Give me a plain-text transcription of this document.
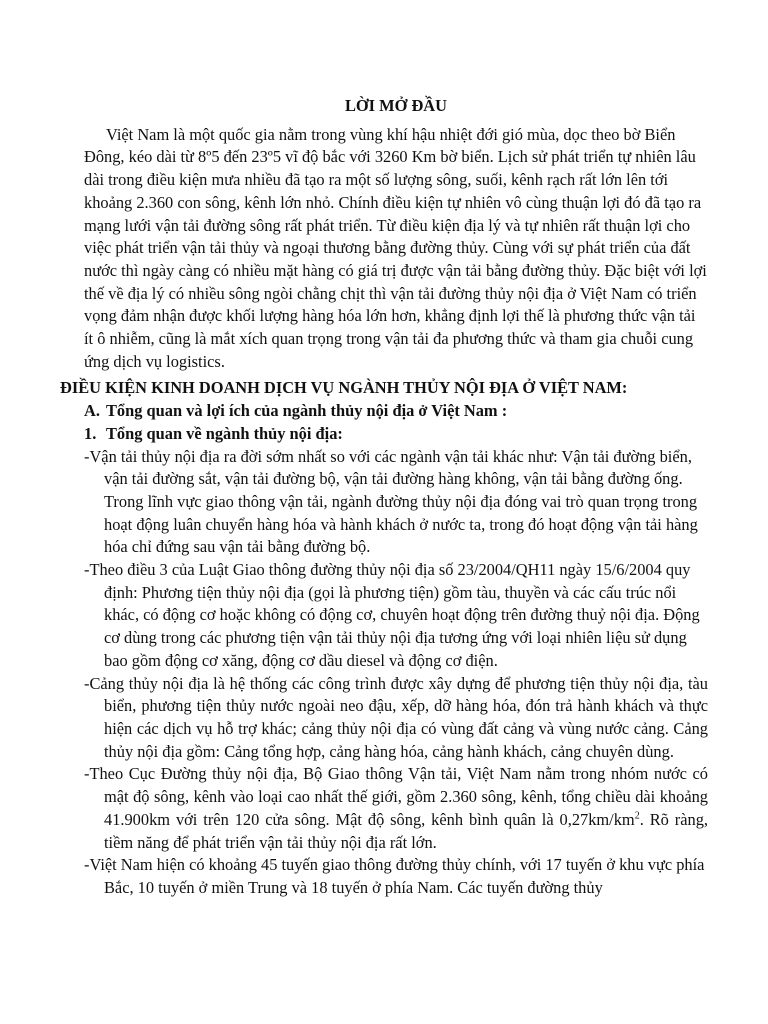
LỜI MỞ ĐẦU

Việt Nam là một quốc gia nằm trong vùng khí hậu nhiệt đới gió mùa, dọc theo bờ Biển Đông, kéo dài từ 8º5 đến 23º5 vĩ độ bắc với 3260 Km bờ biển. Lịch sử phát triển tự nhiên lâu dài trong điều kiện mưa nhiều đã tạo ra một số lượng sông, suối, kênh rạch rất lớn lên tới khoảng 2.360 con sông, kênh lớn nhỏ. Chính điều kiện tự nhiên vô cùng thuận lợi đó đã tạo ra mạng lưới vận tải đường sông rất phát triển. Từ điều kiện địa lý và tự nhiên rất thuận lợi cho việc phát triển vận tải thủy và ngoại thương bằng đường thủy. Cùng với sự phát triển của đất nước thì ngày càng có nhiều mặt hàng có giá trị được vận tải bằng đường thủy. Đặc biệt với lợi thế về địa lý có nhiều sông ngòi chằng chịt thì vận tải đường thủy nội địa ở Việt Nam có triển vọng đảm nhận được khối lượng hàng hóa lớn hơn, khẳng định lợi thế là phương thức vận tải ít ô nhiễm, cũng là mắt xích quan trọng trong vận tải đa phương thức và tham gia chuỗi cung ứng dịch vụ logistics.

ĐIỀU KIỆN KINH DOANH DỊCH VỤ NGÀNH THỦY NỘI ĐỊA Ở VIỆT NAM:
A. Tổng quan và lợi ích của ngành thủy nội địa ở Việt Nam :
1. Tổng quan về ngành thủy nội địa:

-Vận tải thủy nội địa ra đời sớm nhất so với các ngành vận tải khác như: Vận tải đường biển, vận tải đường sắt, vận tải đường bộ, vận tải đường hàng không, vận tải bằng đường ống. Trong lĩnh vực giao thông vận tải, ngành đường thủy nội địa đóng vai trò quan trọng trong hoạt động luân chuyển hàng hóa và hành khách ở nước ta, trong đó hoạt động vận tải hàng hóa chỉ đứng sau vận tải bằng đường bộ.

-Theo điều 3 của Luật Giao thông đường thủy nội địa số 23/2004/QH11 ngày 15/6/2004 quy định: Phương tiện thủy nội địa (gọi là phương tiện) gồm tàu, thuyền và các cấu trúc nổi khác, có động cơ hoặc không có động cơ, chuyên hoạt động trên đường thuỷ nội địa. Động cơ dùng trong các phương tiện vận tải thủy nội địa tương ứng với loại nhiên liệu sử dụng bao gồm động cơ xăng, động cơ dầu diesel và động cơ điện.

-Cảng thủy nội địa là hệ thống các công trình được xây dựng để phương tiện thủy nội địa, tàu biển, phương tiện thủy nước ngoài neo đậu, xếp, dỡ hàng hóa, đón trả hành khách và thực hiện các dịch vụ hỗ trợ khác; cảng thủy nội địa có vùng đất cảng và vùng nước cảng. Cảng thủy nội địa gồm: Cảng tổng hợp, cảng hàng hóa, cảng hành khách, cảng chuyên dùng.

-Theo Cục Đường thủy nội địa, Bộ Giao thông Vận tải, Việt Nam nằm trong nhóm nước có mật độ sông, kênh vào loại cao nhất thế giới, gồm 2.360 sông, kênh, tổng chiều dài khoảng 41.900km với trên 120 cửa sông. Mật độ sông, kênh bình quân là $0,27km/km^2$. Rõ ràng, tiềm năng để phát triển vận tải thủy nội địa rất lớn.

-Việt Nam hiện có khoảng 45 tuyến giao thông đường thủy chính, với 17 tuyến ở khu vực phía Bắc, 10 tuyến ở miền Trung và 18 tuyến ở phía Nam. Các tuyến đường thủy
